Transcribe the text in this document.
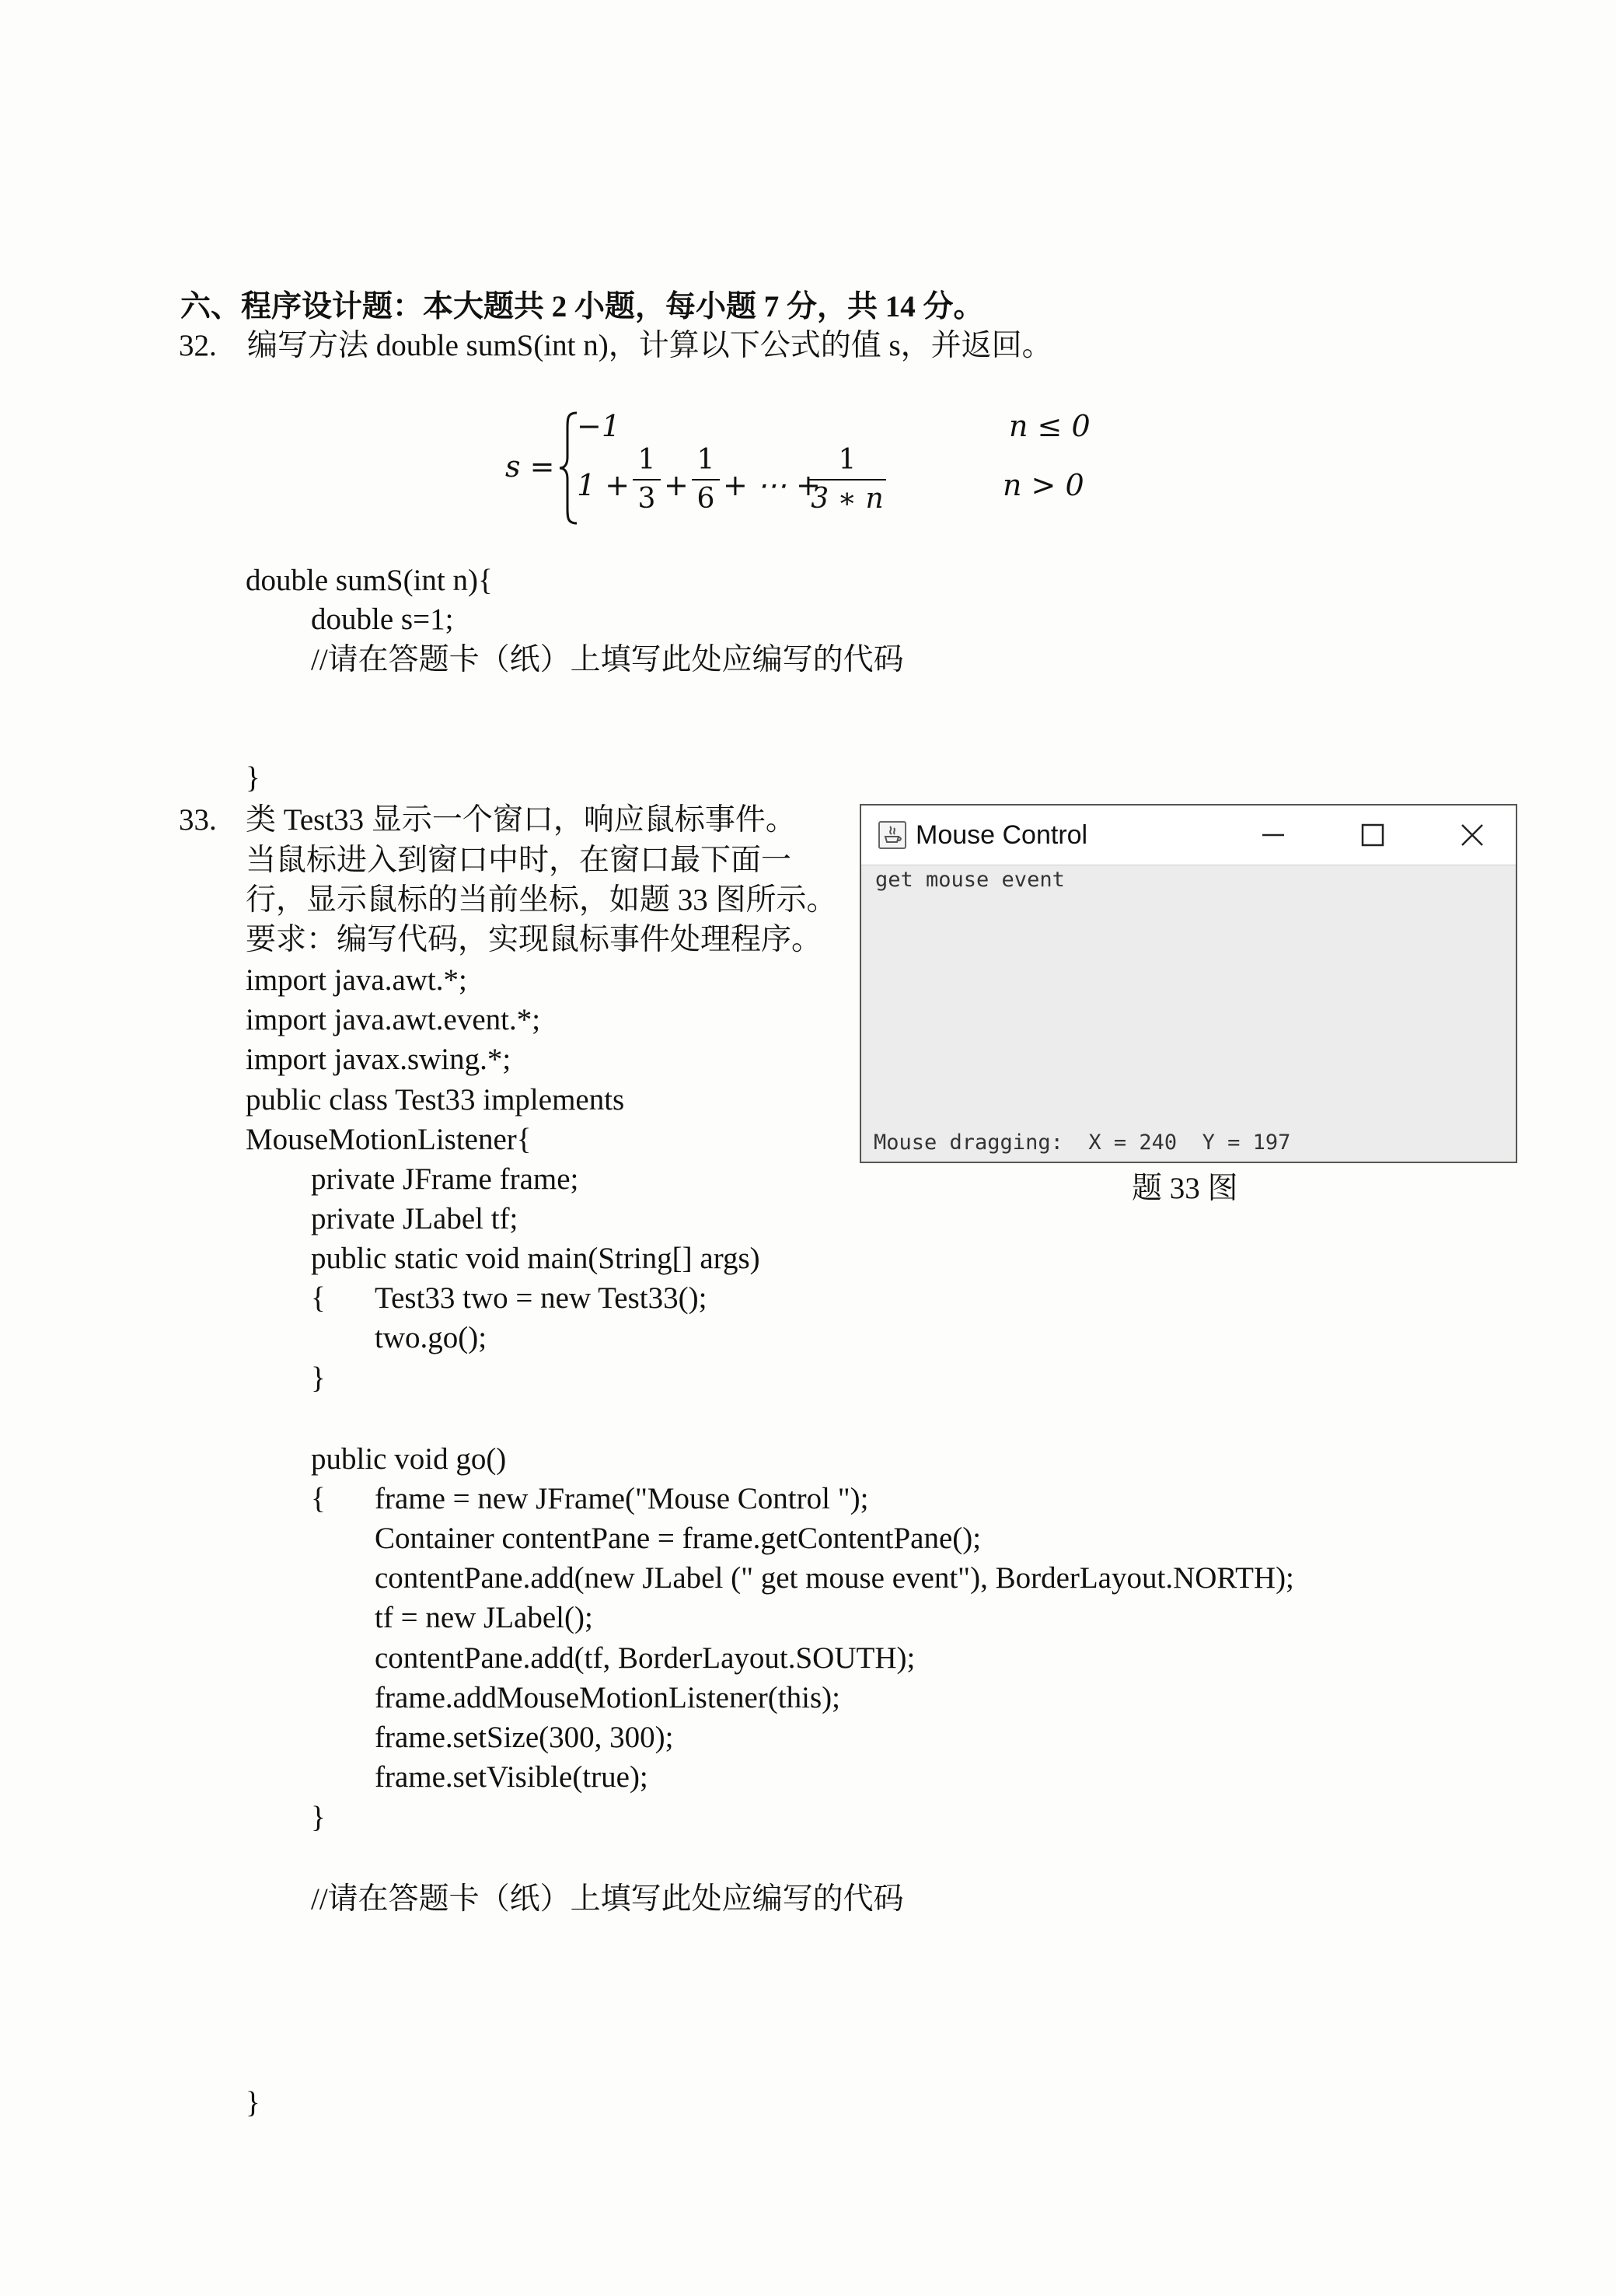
六、程序设计题：本大题共 2 小题，每小题 7 分，共 14 分。
32. 编写方法 double sumS(int n)，计算以下公式的值 s，并返回。
s =
−1	n ≤ 0
1 +
1
3 +
1
6 + ⋯ +
1
3 ∗ n	n > 0
double sumS(int n){
double s=1;
//请在答题卡（纸）上填写此处应编写的代码
}
33. 类 Test33 显示一个窗口，响应鼠标事件。
当鼠标进入到窗口中时，在窗口最下面一
行，显示鼠标的当前坐标，如题 33 图所示。
要求：编写代码，实现鼠标事件处理程序。
import java.awt.*;
import java.awt.event.*;
import javax.swing.*;
public class Test33 implements
MouseMotionListener{
private JFrame frame;
private JLabel tf;
public static void main(String[] args)
{ Test33 two = new Test33();
two.go();
}
public void go()
{ frame = new JFrame("Mouse Control ");
Container contentPane = frame.getContentPane();
contentPane.add(new JLabel (" get mouse event"), BorderLayout.NORTH);
tf = new JLabel();
contentPane.add(tf, BorderLayout.SOUTH);
frame.addMouseMotionListener(this);
frame.setSize(300, 300);
frame.setVisible(true);
}
//请在答题卡（纸）上填写此处应编写的代码
}
Mouse Control
get mouse event
Mouse dragging:  X = 240  Y = 197
题 33 图
